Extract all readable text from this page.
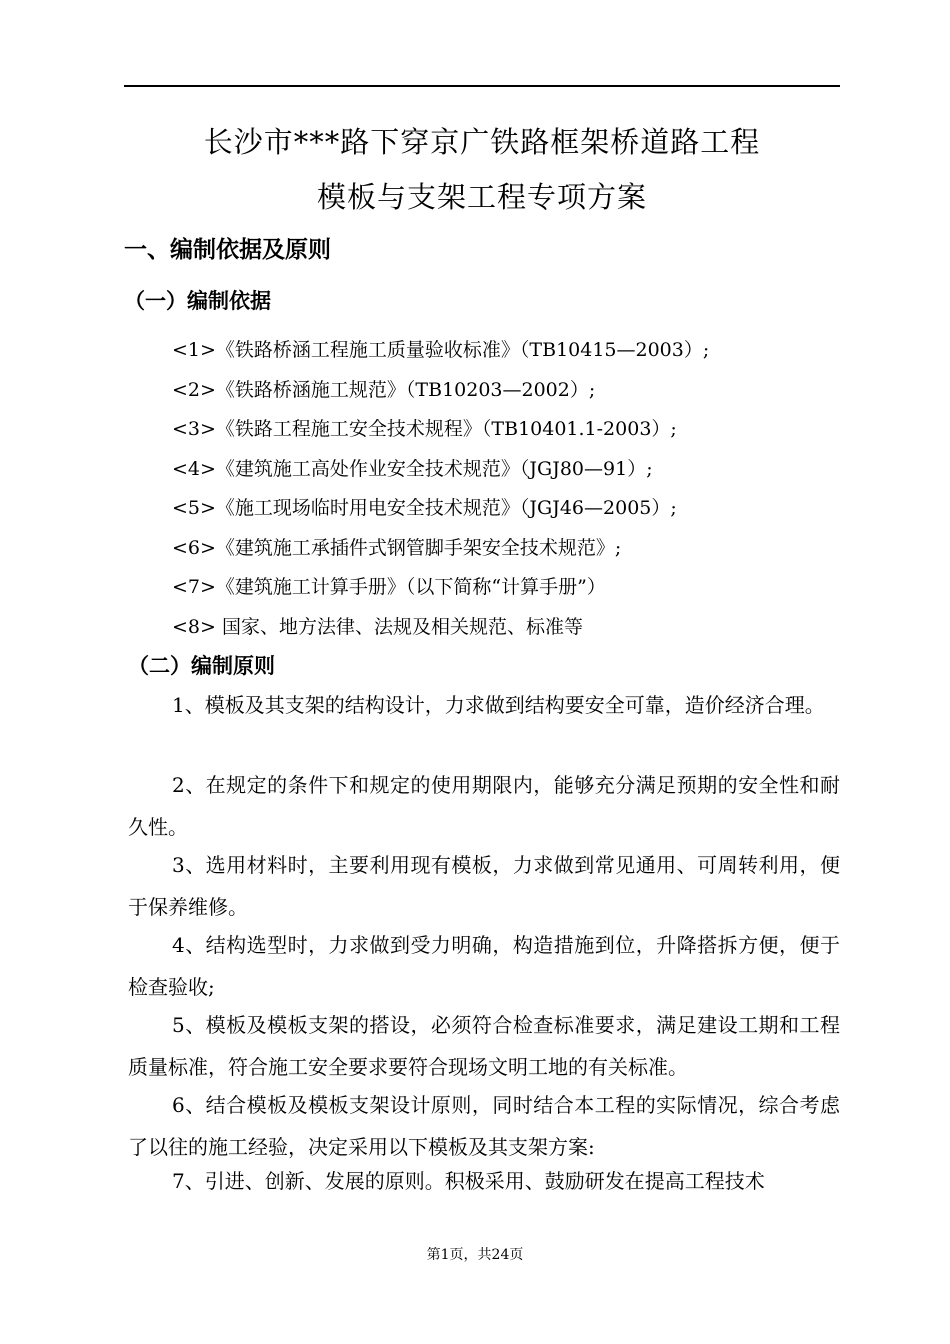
长沙市***路下穿京广铁路框架桥道路工程
模板与支架工程专项方案
一、编制依据及原则
（一）编制依据
<1>《铁路桥涵工程施工质量验收标准》（TB10415—2003）;
<2>《铁路桥涵施工规范》（TB10203—2002）;
<3>《铁路工程施工安全技术规程》（TB10401.1-2003）;
<4>《建筑施工高处作业安全技术规范》（JGJ80—91）;
<5>《施工现场临时用电安全技术规范》（JGJ46—2005）;
<6>《建筑施工承插件式钢管脚手架安全技术规范》;
<7>《建筑施工计算手册》（以下简称“计算手册”）
<8> 国家、地方法律、法规及相关规范、标准等
（二）编制原则
1、模板及其支架的结构设计，力求做到结构要安全可靠，造价经济合理。
2、在规定的条件下和规定的使用期限内，能够充分满足预期的安全性和耐久性。
3、选用材料时，主要利用现有模板，力求做到常见通用、可周转利用，便于保养维修。
4、结构选型时，力求做到受力明确，构造措施到位，升降搭拆方便，便于检查验收;
5、模板及模板支架的搭设，必须符合检查标准要求，满足建设工期和工程质量标准，符合施工安全要求要符合现场文明工地的有关标准。
6、结合模板及模板支架设计原则，同时结合本工程的实际情况，综合考虑了以往的施工经验，决定采用以下模板及其支架方案:
7、引进、创新、发展的原则。积极采用、鼓励研发在提高工程技术
第1页，共24页
